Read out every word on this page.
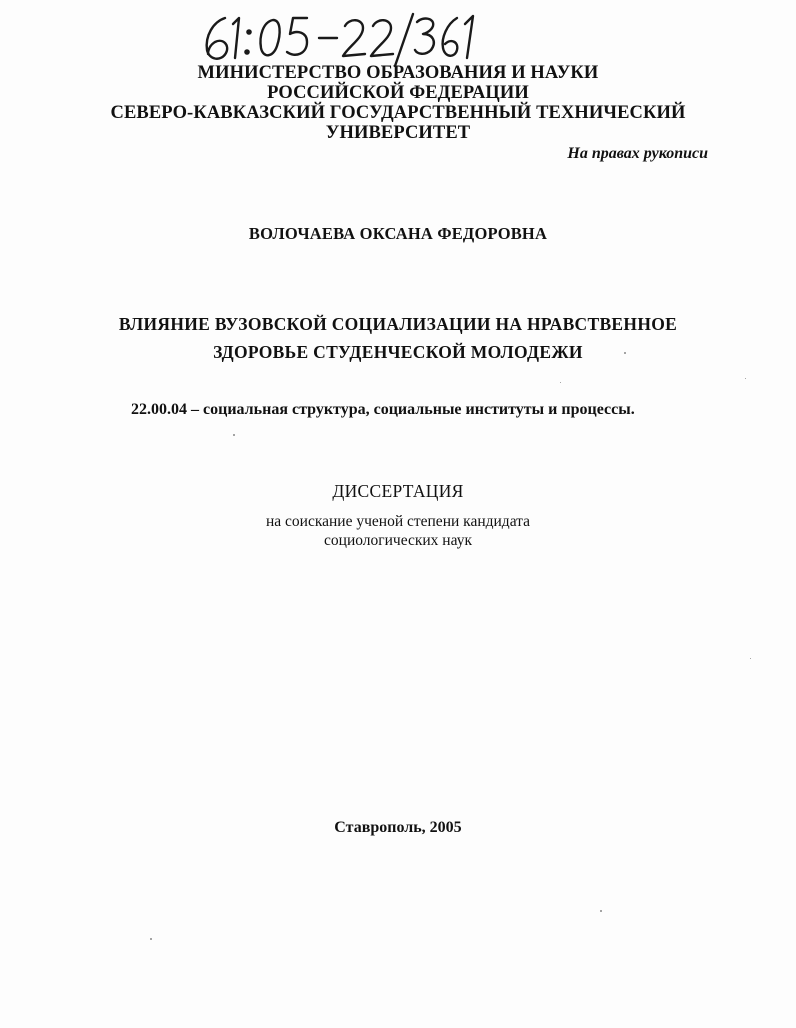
МИНИСТЕРСТВО ОБРАЗОВАНИЯ И НАУКИ
РОССИЙСКОЙ ФЕДЕРАЦИИ
СЕВЕРО-КАВКАЗСКИЙ ГОСУДАРСТВЕННЫЙ ТЕХНИЧЕСКИЙ
УНИВЕРСИТЕТ
На правах рукописи
ВОЛОЧАЕВА ОКСАНА ФЕДОРОВНА
ВЛИЯНИЕ ВУЗОВСКОЙ СОЦИАЛИЗАЦИИ НА НРАВСТВЕННОЕ
ЗДОРОВЬЕ СТУДЕНЧЕСКОЙ МОЛОДЕЖИ
22.00.04 – социальная структура, социальные институты и процессы.
ДИССЕРТАЦИЯ
на соискание ученой степени кандидата
социологических наук
Ставрополь, 2005
